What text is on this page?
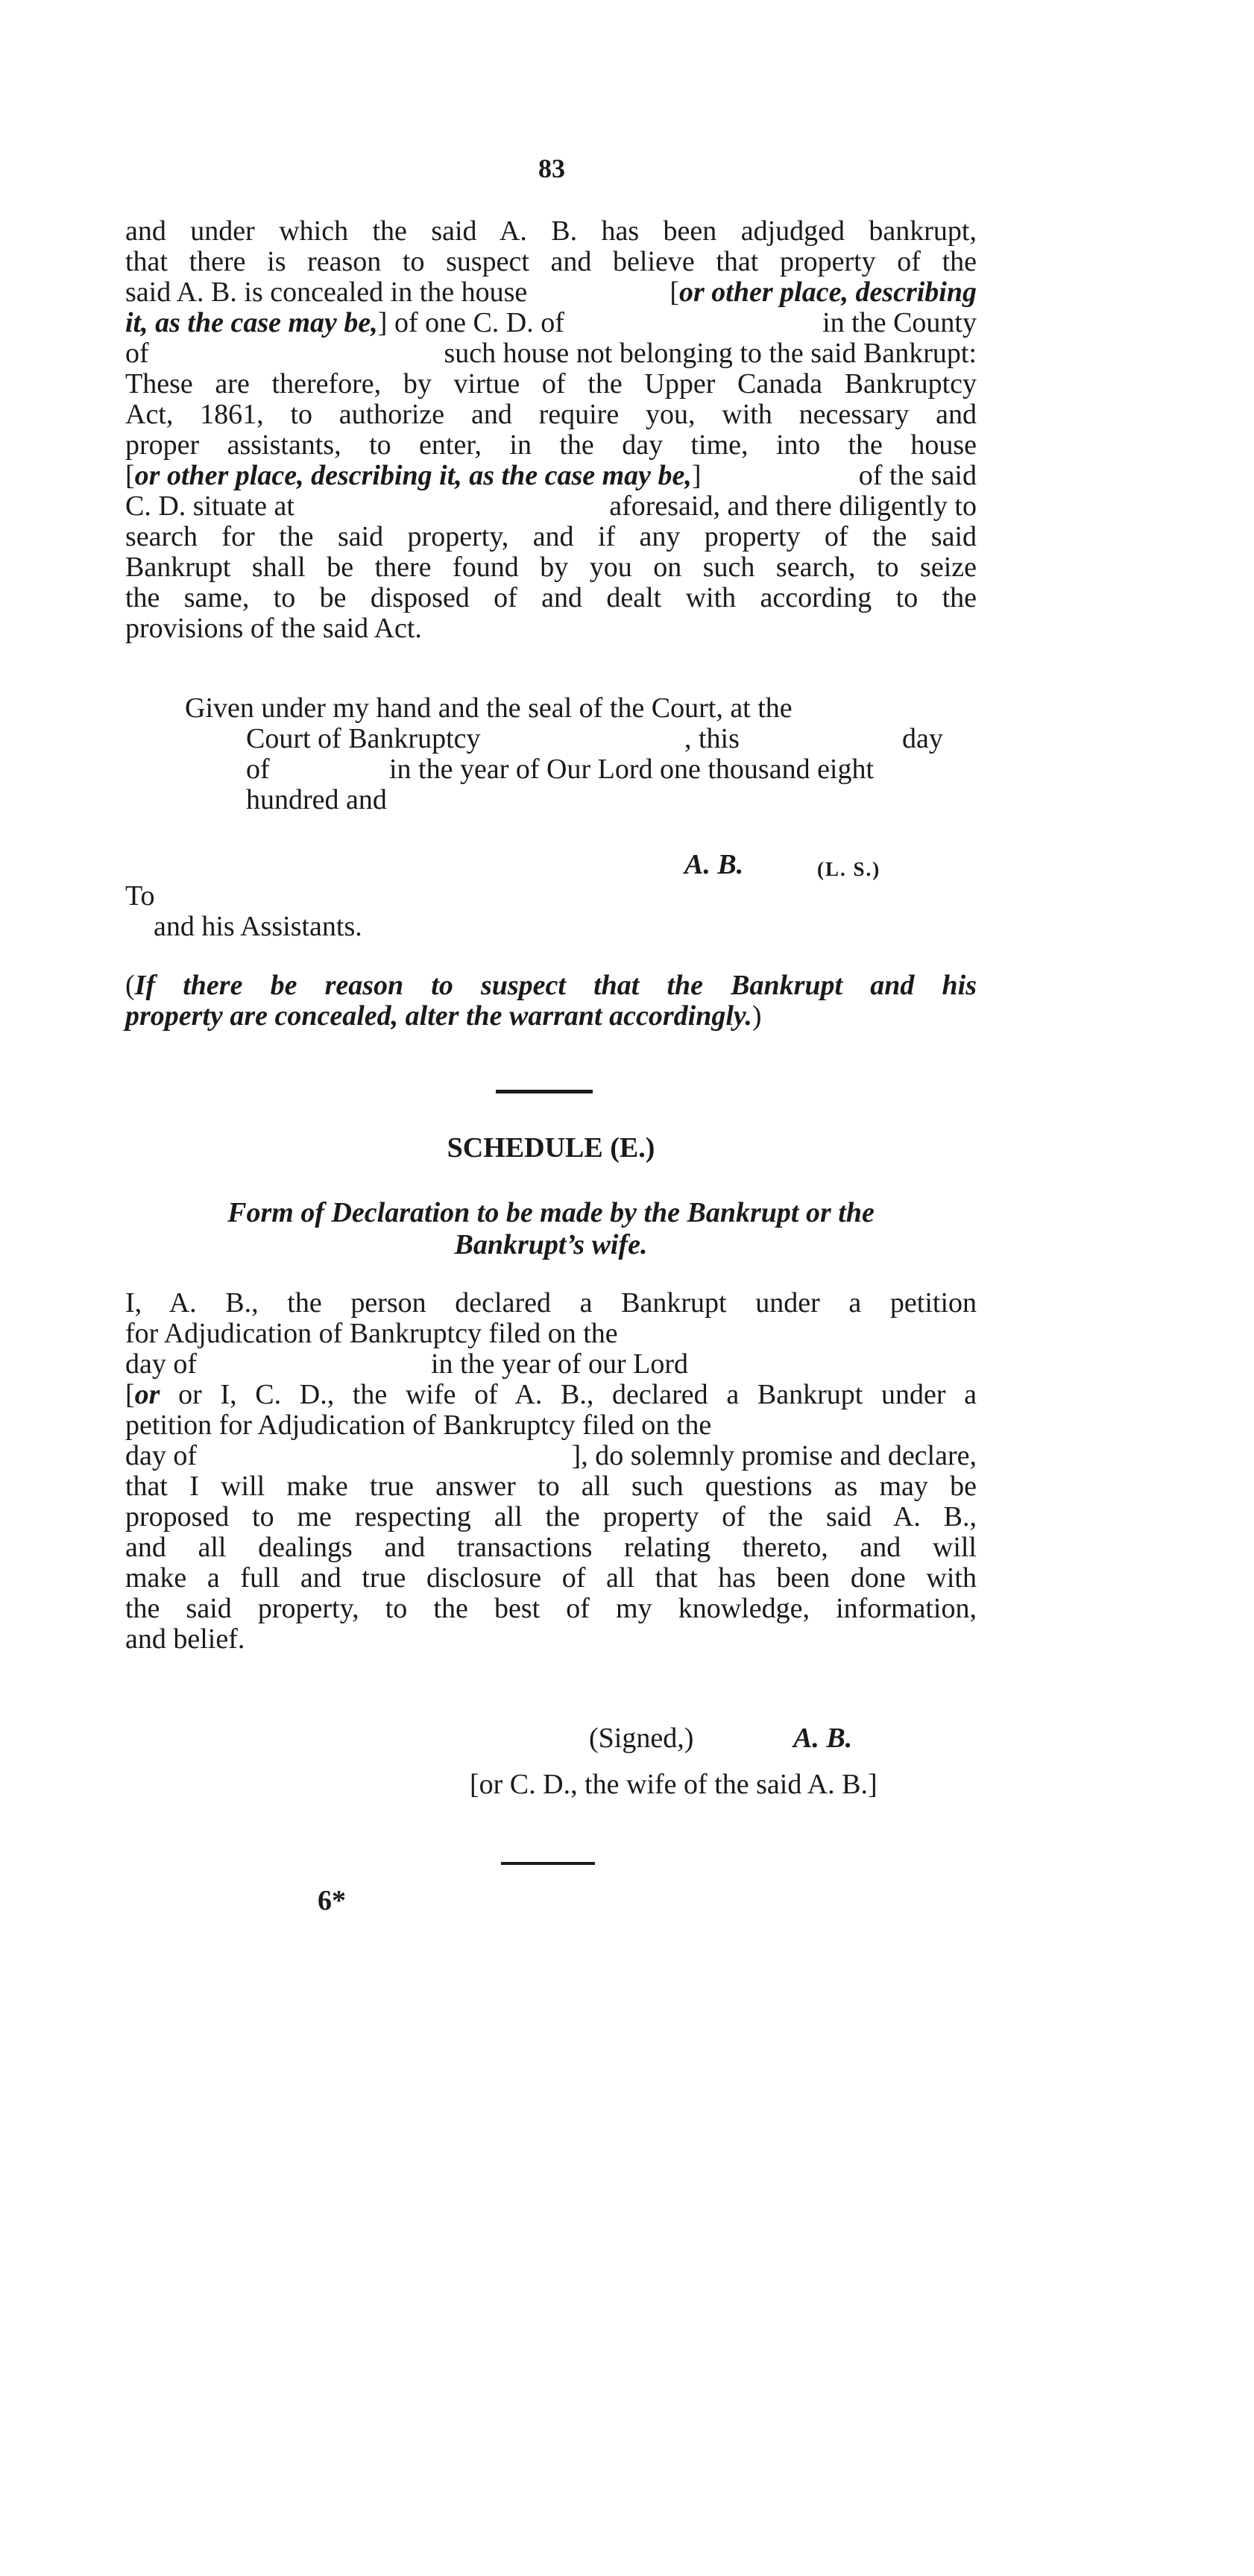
83
and under which the said A. B. has been adjudged bankrupt,
that there is reason to suspect and believe that property of the
said A. B. is concealed in the house	[or other place, describing
it, as the case may be,] of one C. D. of	in the County
of	such house not belonging to the said Bankrupt:
These are therefore, by virtue of the Upper Canada Bankruptcy
Act, 1861, to authorize and require you, with necessary and
proper assistants, to enter, in the day time, into the house
[or other place, describing it, as the case may be,]	of the said
C. D. situate at	aforesaid, and there diligently to
search for the said property, and if any property of the said
Bankrupt shall be there found by you on such search, to seize
the same, to be disposed of and dealt with according to the
provisions of the said Act.
Given under my hand and the seal of the Court, at the
Court of Bankruptcy	, this	day
of	in the year of Our Lord one thousand eight
hundred and
A. B.	(L. S.)
To
and his Assistants.
(If there be reason to suspect that the Bankrupt and his
property are concealed, alter the warrant accordingly.)
SCHEDULE (E.)
Form of Declaration to be made by the Bankrupt or the
Bankrupt’s wife.
I, A. B., the person declared a Bankrupt under a petition
for Adjudication of Bankruptcy filed on the
day of	in the year of our Lord
[or or I, C. D., the wife of A. B., declared a Bankrupt under a
petition for Adjudication of Bankruptcy filed on the
day of	], do solemnly promise and declare,
that I will make true answer to all such questions as may be
proposed to me respecting all the property of the said A. B.,
and all dealings and transactions relating thereto, and will
make a full and true disclosure of all that has been done with
the said property, to the best of my knowledge, information,
and belief.
(Signed,)	A. B.
[or C. D., the wife of the said A. B.]
6*
